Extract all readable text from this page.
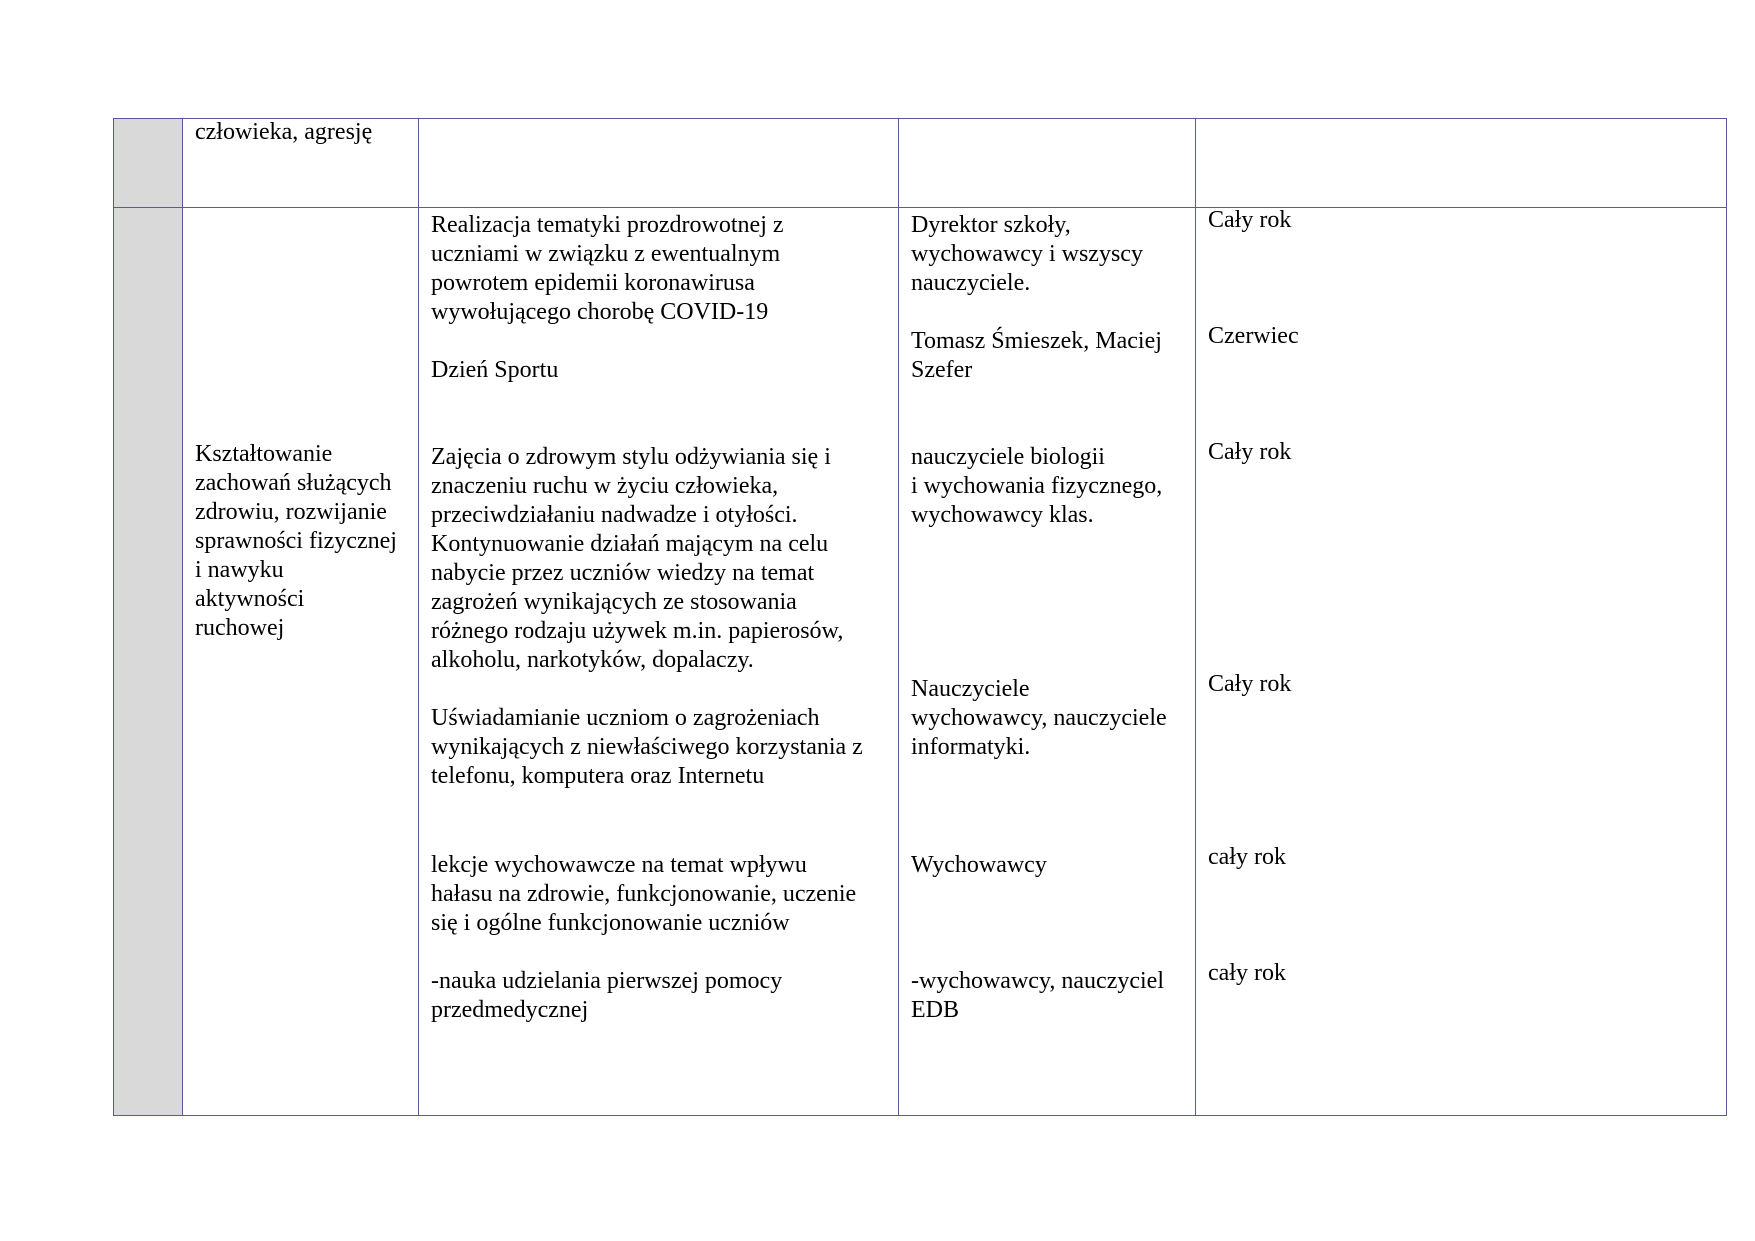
człowieka, agresję
Kształtowanie
zachowań służących
zdrowiu, rozwijanie
sprawności fizycznej
i nawyku
aktywności
ruchowej
Realizacja tematyki prozdrowotnej z
uczniami w związku z ewentualnym
powrotem epidemii koronawirusa
wywołującego chorobę COVID-19
Dzień Sportu
Zajęcia o zdrowym stylu odżywiania się i
znaczeniu ruchu w życiu człowieka,
przeciwdziałaniu nadwadze i otyłości.
Kontynuowanie działań mającym na celu
nabycie przez uczniów wiedzy na temat
zagrożeń wynikających ze stosowania
różnego rodzaju używek m.in. papierosów,
alkoholu, narkotyków, dopalaczy.
Uświadamianie uczniom o zagrożeniach
wynikających z niewłaściwego korzystania z
telefonu, komputera oraz Internetu
lekcje wychowawcze na temat wpływu
hałasu na zdrowie, funkcjonowanie, uczenie
się i ogólne funkcjonowanie uczniów
-nauka udzielania pierwszej pomocy
przedmedycznej
Dyrektor szkoły,
wychowawcy i wszyscy
nauczyciele.
Tomasz Śmieszek, Maciej
Szefer
nauczyciele biologii
i wychowania fizycznego,
wychowawcy klas.
Nauczyciele
wychowawcy, nauczyciele
informatyki.
Wychowawcy
-wychowawcy, nauczyciel
EDB
Cały rok
Czerwiec
Cały rok
Cały rok
cały rok
cały rok
